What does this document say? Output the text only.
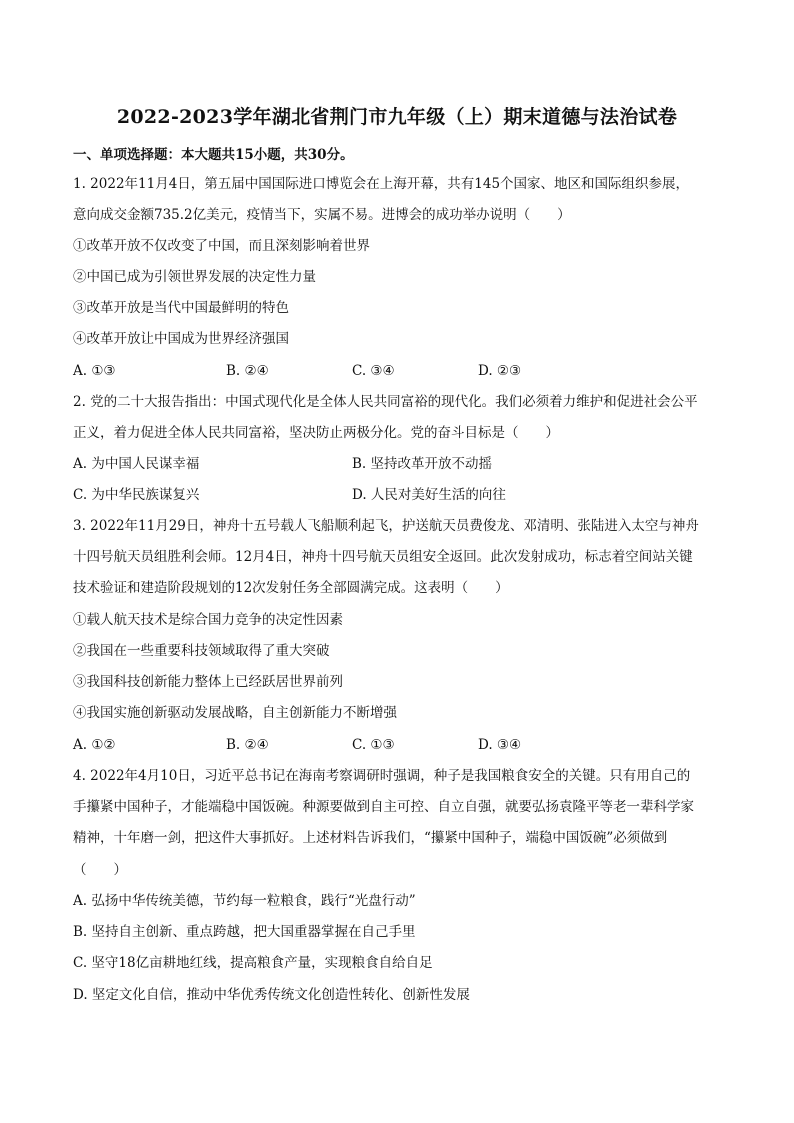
2022-2023学年湖北省荆门市九年级（上）期末道德与法治试卷
一、单项选择题：本大题共15小题，共30分。
1. 2022年11月4日，第五届中国国际进口博览会在上海开幕，共有145个国家、地区和国际组织参展，
意向成交金额735.2亿美元，疫情当下，实属不易。进博会的成功举办说明（　　）
①改革开放不仅改变了中国，而且深刻影响着世界
②中国已成为引领世界发展的决定性力量
③改革开放是当代中国最鲜明的特色
④改革开放让中国成为世界经济强国
A. ①③	B. ②④	C. ③④	D. ②③
2. 党的二十大报告指出：中国式现代化是全体人民共同富裕的现代化。我们必须着力维护和促进社会公平
正义，着力促进全体人民共同富裕，坚决防止两极分化。党的奋斗目标是（　　）
A. 为中国人民谋幸福	B. 坚持改革开放不动摇
C. 为中华民族谋复兴	D. 人民对美好生活的向往
3. 2022年11月29日，神舟十五号载人飞船顺利起飞，护送航天员费俊龙、邓清明、张陆进入太空与神舟
十四号航天员组胜利会师。12月4日，神舟十四号航天员组安全返回。此次发射成功，标志着空间站关键
技术验证和建造阶段规划的12次发射任务全部圆满完成。这表明（　　）
①载人航天技术是综合国力竞争的决定性因素
②我国在一些重要科技领域取得了重大突破
③我国科技创新能力整体上已经跃居世界前列
④我国实施创新驱动发展战略，自主创新能力不断增强
A. ①②	B. ②④	C. ①③	D. ③④
4. 2022年4月10日，习近平总书记在海南考察调研时强调，种子是我国粮食安全的关键。只有用自己的
手攥紧中国种子，才能端稳中国饭碗。种源要做到自主可控、自立自强，就要弘扬袁隆平等老一辈科学家
精神，十年磨一剑，把这件大事抓好。上述材料告诉我们，“攥紧中国种子，端稳中国饭碗”必须做到
（　　）
A. 弘扬中华传统美德，节约每一粒粮食，践行“光盘行动”
B. 坚持自主创新、重点跨越，把大国重器掌握在自己手里
C. 坚守18亿亩耕地红线，提高粮食产量，实现粮食自给自足
D. 坚定文化自信，推动中华优秀传统文化创造性转化、创新性发展
